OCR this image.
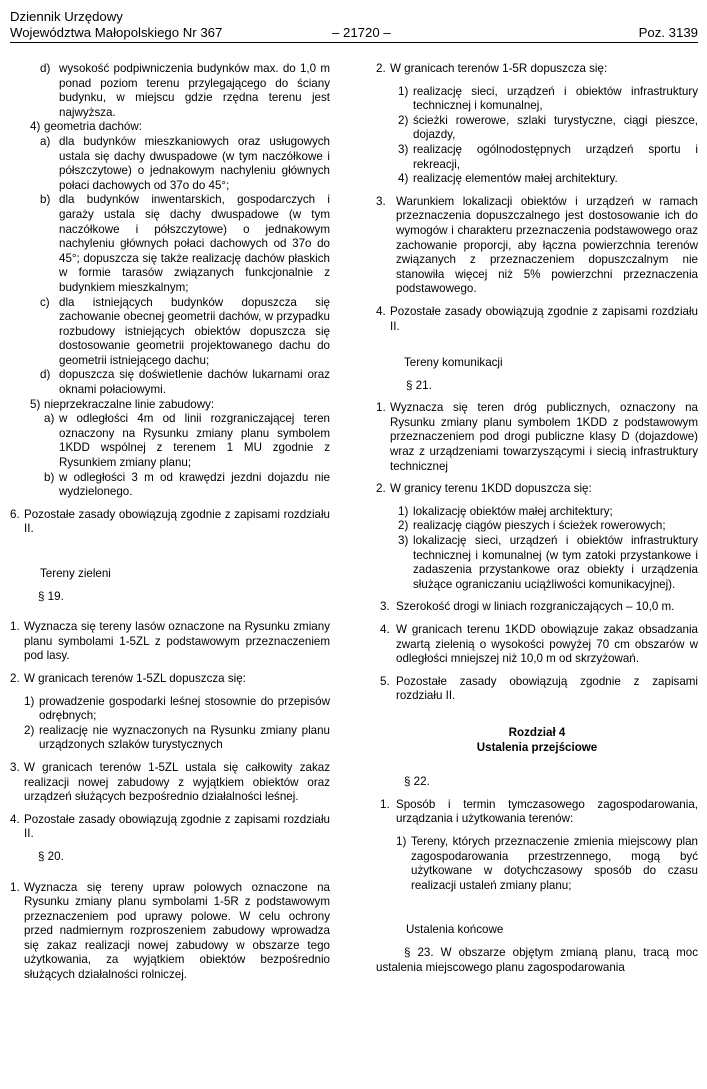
Dziennik Urzędowy
Województwa Małopolskiego Nr 367	– 21720 –	Poz. 3139
d) wysokość podpiwniczenia budynków max. do 1,0 m ponad poziom terenu przylegającego do ściany budynku, w miejscu gdzie rzędna terenu jest najwyższa.

4) geometria dachów:

a) dla budynków mieszkaniowych oraz usługowych ustala się dachy dwuspadowe (w tym naczółkowe i półszczytowe) o jednakowym nachyleniu głównych połaci dachowych od 37o do 45°;

b) dla budynków inwentarskich, gospodarczych i garaży ustala się dachy dwuspadowe (w tym naczółkowe i półszczytowe) o jednakowym nachyleniu głównych połaci dachowych od 37o do 45°; dopuszcza się także realizację dachów płaskich w formie tarasów związanych funkcjonalnie z budynkiem mieszkalnym;

c) dla istniejących budynków dopuszcza się zachowanie obecnej geometrii dachów, w przypadku rozbudowy istniejących obiektów dopuszcza się dostosowanie geometrii projektowanego dachu do geometrii istniejącego dachu;

d) dopuszcza się doświetlenie dachów lukarnami oraz oknami połaciowymi.

5) nieprzekraczalne linie zabudowy:

a) w odległości 4m od linii rozgraniczającej teren oznaczony na Rysunku zmiany planu symbolem 1KDD wspólnej z terenem 1 MU zgodnie z Rysunkiem zmiany planu;

b) w odległości 3 m od krawędzi jezdni dojazdu nie wydzielonego.

6. Pozostałe zasady obowiązują zgodnie z zapisami rozdziału II.

Tereny zieleni

§ 19.

1. Wyznacza się tereny lasów oznaczone na Rysunku zmiany planu symbolami 1-5ZL z podstawowym przeznaczeniem pod lasy.

2. W granicach terenów 1-5ZL dopuszcza się:

1) prowadzenie gospodarki leśnej stosownie do przepisów odrębnych;

2) realizację nie wyznaczonych na Rysunku zmiany planu urządzonych szlaków turystycznych

3. W granicach terenów 1-5ZL ustala się całkowity zakaz realizacji nowej zabudowy z wyjątkiem obiektów oraz urządzeń służących bezpośrednio działalności leśnej.

4. Pozostałe zasady obowiązują zgodnie z zapisami rozdziału II.

§ 20.

1. Wyznacza się tereny upraw polowych oznaczone na Rysunku zmiany planu symbolami 1-5R z podstawowym przeznaczeniem pod uprawy polowe. W celu ochrony przed nadmiernym rozproszeniem zabudowy wprowadza się zakaz realizacji nowej zabudowy w obszarze tego użytkowania, za wyjątkiem obiektów bezpośrednio służących działalności rolniczej.

2. W granicach terenów 1-5R dopuszcza się:

1) realizację sieci, urządzeń i obiektów infrastruktury technicznej i komunalnej,

2) ścieżki rowerowe, szlaki turystyczne, ciągi pieszce, dojazdy,

3) realizację ogólnodostępnych urządzeń sportu i rekreacji,

4) realizację elementów małej architektury.

3. Warunkiem lokalizacji obiektów i urządzeń w ramach przeznaczenia dopuszczalnego jest dostosowanie ich do wymogów i charakteru przeznaczenia podstawowego oraz zachowanie proporcji, aby łączna powierzchnia terenów związanych z przeznaczeniem dopuszczalnym nie stanowiła więcej niż 5% powierzchni przeznaczenia podstawowego.

4. Pozostałe zasady obowiązują zgodnie z zapisami rozdziału II.

Tereny komunikacji

§ 21.

1. Wyznacza się teren dróg publicznych, oznaczony na Rysunku zmiany planu symbolem 1KDD z podstawowym przeznaczeniem pod drogi publiczne klasy D (dojazdowe) wraz z urządzeniami towarzyszącymi i siecią infrastruktury technicznej

2. W granicy terenu 1KDD dopuszcza się:

1) lokalizację obiektów małej architektury;

2) realizację ciągów pieszych i ścieżek rowerowych;

3) lokalizację sieci, urządzeń i obiektów infrastruktury technicznej i komunalnej (w tym zatoki przystankowe i zadaszenia przystankowe oraz obiekty i urządzenia służące ograniczaniu uciążliwości komunikacyjnej).

3. Szerokość drogi w liniach rozgraniczających – 10,0 m.

4. W granicach terenu 1KDD obowiązuje zakaz obsadzania zwartą zielenią o wysokości powyżej 70 cm obszarów w odległości mniejszej niż 10,0 m od skrzyżowań.

5. Pozostałe zasady obowiązują zgodnie z zapisami rozdziału II.

Rozdział 4

Ustalenia przejściowe

§ 22.

1. Sposób i termin tymczasowego zagospodarowania, urządzania i użytkowania terenów:

1) Tereny, których przeznaczenie zmienia miejscowy plan zagospodarowania przestrzennego, mogą być użytkowane w dotychczasowy sposób do czasu realizacji ustaleń zmiany planu;

Ustalenia końcowe

§ 23. W obszarze objętym zmianą planu, tracą moc ustalenia miejscowego planu zagospodarowania
